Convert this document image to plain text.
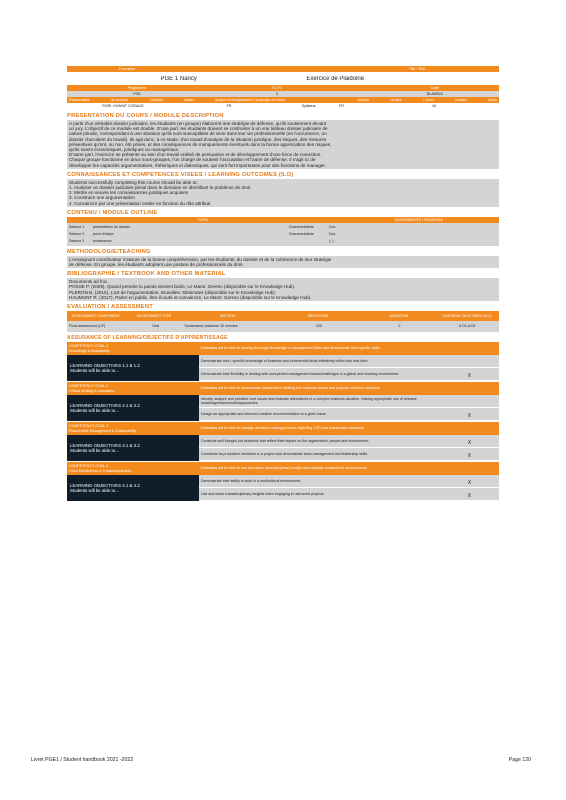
Formation	Title / Title
PGE 1 Nancy	Exercice de Plaidoirie
Programme	ECTS	Code
PGE	3	BLAW004
Responsable	de module	/ Module	leader	langue d'enseignement / language of tuition	Volume	horaire	/ Class	contact	hours
RORI -KHAYAT CORALIE	FR	Syllabus:	FR	16
PRESENTATION DU COURS / MODULE DESCRIPTION

A partir d'un véritable dossier judiciaire, les étudiants (en groupe) élaborent une stratégie de défense, qu'ils soutiennent devant

un jury. L'objectif de ce module est double. D'une part, les étudiants doivent se confronter à un vrai tableau dossier judiciaire de

nature pénale, correspondant à une situation qu'ils sont susceptibles de vivre dans leur vie professionnelle (en l'occurrence, un

dossier d'accident du travail). Ils agit donc, à ce stade, d'un travail d'analyse de la situation juridique, des risques, des mesures

préventives qu'ont, ou non, été prises, et des conséquences de manquements éventuels dans la bonne appréciation des risques,

qu'ils soient économiques, juridiques ou managériaux.

D'autre part, l'exercice se présente au sein d'un travail oralisé de persuasion et de développement d'une force de conviction.

Chaque groupe fonctionne en deux sous-groupes, l'un chargé de soutenir l'accusation et l'autre de défense. Il s'agit ici de

développer les capacités argumentatives, rhétoriques et dialectiques, qui sont fort importantes pour des fonctions de manager.

CONNAISSANCES ET COMPETENCES VISEES / LEARNING OUTCOMES (ILO)

Students successfully completing this course should be able to:

1. Analyser un dossier judiciaire pénal dans le domaine en identifiant le problème de droit

2. Mettre en oeuvre les connaissances juridiques acquises

3. Construire une argumentation

4. Convaincre par une présentation oralee en fonction du rôle attribué

CONTENU / MODULE OUTLINE
TOPIC	ASSIGNMENTS / READINGS
Séance 1	présentation du dossier	Documentaliste	Doc
Séance 2	point d'étape	Documentaliste	Doc
Séance 3	soutenance	(..)
METHODOLOGIE/TEACHING

L'enseignant coordinateur s'assure de la bonne compréhension, par les étudiants, du dossier et de la cohérence de leur stratégie

de défense. En groupe, les étudiants adoptent une posture de professionnels du droit.

BIBLIOGRAPHIE / TEXTBOOK AND OTHER MATERIAL

Documents ad hoc.

POSSE P. (2009), Quand prendre la parole devient facile, Le Mans: Gereso (disponible sur le Knowledge Hub).

PLERON B. (2015), L'art de l'argumentation, Bruxelles: 50minutes (disponible sur le Knowledge Hub).

HAUMONT R. (2017), Parler en public, être écouté et convaincre, Le Mans: Gereso (disponible sur le Knowledge Hub).

EVALUATION / ASSESSMENT
ASSESSMENT COMPONENT	ASSESSMENT TYPE	METHOD	WEIGHTING	DURATION	LEARNING OUTCOMES (ILO)
Final assessment (CF)	Oral	Soutenance plaidoirie 30 minutes	100	2	ILO1,ILO4
ASSURANCE OF LEARNING/OBJECTIFS D'APPRENTISSAGE
COMPETENCY GOAL 1
Knowledge & Adaptability
Graduates will be able to develop thorough knowledge in management fields and demonstrate their specific skills.
LEARNING OBJECTIVES 1.1 & 1.2
Students will be able to…
Demonstrate core / specific knowledge of business and commercial fields effectively within and cost form.
Demonstrate their flexibility in dealing with unexpected management issues/challenges in a global and evolving environment.	X
COMPETENCY GOAL 2
Critical thinking & Innovation
Graduates will be able to demonstrate independent thinking into business issues and propose informed solutions.
LEARNING OBJECTIVES 2.1 & 2.2
Students will be able to…
Identify, analyze and prioritize core issues and evaluate alternatives in a complex business situation, making appropriate use of relevant knowledge/frameworks/approaches.
Design an appropriate and informed creative recommendation to a given issue.	X
COMPETENCY GOAL 3
Responsible Management & Sustainability
Graduates will be able to manage decisions making process regarding CSR and sustainable standards.
LEARNING OBJECTIVES 3.1 & 3.2
Students will be able to…
Construct well thought-out decisions that reflect their impact on the organization, people and environment.	X
Contribute as productive members to a project and demonstrate team management and leadership skills.	X
COMPETENCY GOAL 4
Open Mindedness & Transdisciplinarity
Graduates will be able to use and share transdisciplinary insight and integrate multicultural environments.
LEARNING OBJECTIVES 4.1 & 4.2
Students will be able to…
Demonstrate their ability to work in a multicultural environment.	X
Use and share transdisciplinary insights when engaging in real world projects.	X
Livret PGE1 / Student handbook 2021 -2022	Page 120
